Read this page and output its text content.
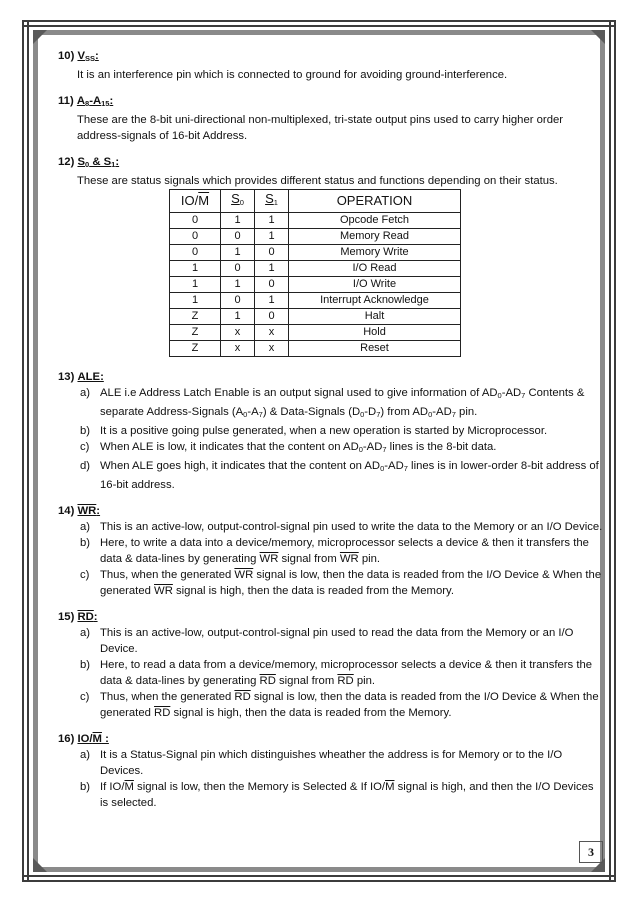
10) $V_{SS}$:
It is an interference pin which is connected to ground for avoiding ground-interference.
11) $A_8-A_{15}$:
These are the 8-bit uni-directional non-multiplexed, tri-state output pins used to carry higher order address-signals of 16-bit Address.
12) $S_0$ & $S_1$:
These are status signals which provides different status and functions depending on their status.
$IO/\overline{M}$	$S_0$	$S_1$	OPERATION
0	1	1	Opcode Fetch
0	0	1	Memory Read
0	1	0	Memory Write
1	0	1	I/O Read
1	1	0	I/O Write
1	0	1	Interrupt Acknowledge
Z	1	0	Halt
Z	x	x	Hold
Z	x	x	Reset
13) ALE:
a) ALE i.e Address Latch Enable is an output signal used to give information of $AD_0-AD_7$ Contents & separate Address-Signals $(A_0-A_7)$ & Data-Signals $(D_0-D_7)$ from $AD_0-AD_7$ pin.
b) It is a positive going pulse generated, when a new operation is started by Microprocessor.
c) When ALE is low, it indicates that the content on $AD_0-AD_7$ lines is the 8-bit data.
d) When ALE goes high, it indicates that the content on $AD_0-AD_7$ lines is in lower-order 8-bit address of 16-bit address.
14) WR:
a) This is an active-low, output-control-signal pin used to write the data to the Memory or an I/O Device.
b) Here, to write a data into a device/memory, microprocessor selects a device & then it transfers the data & data-lines by generating $\overline{WR}$ signal from $\overline{WR}$ pin.
c) Thus, when the generated $\overline{WR}$ signal is low, then the data is readed from the I/O Device & When the generated $\overline{WR}$ signal is high, then the data is readed from the Memory.
15) RD:
a) This is an active-low, output-control-signal pin used to read the data from the Memory or an I/O Device.
b) Here, to read a data from a device/memory, microprocessor selects a device & then it transfers the data & data-lines by generating $\overline{RD}$ signal from $\overline{RD}$ pin.
c) Thus, when the generated $\overline{RD}$ signal is low, then the data is readed from the I/O Device & When the generated $\overline{RD}$ signal is high, then the data is readed from the Memory.
16) IO/M :
a) It is a Status-Signal pin which distinguishes wheather the address is for Memory or to the I/O Devices.
b) If $IO/\overline{M}$ signal is low, then the Memory is Selected & If $IO/\overline{M}$ signal is high, and then the I/O Devices is selected.
3
